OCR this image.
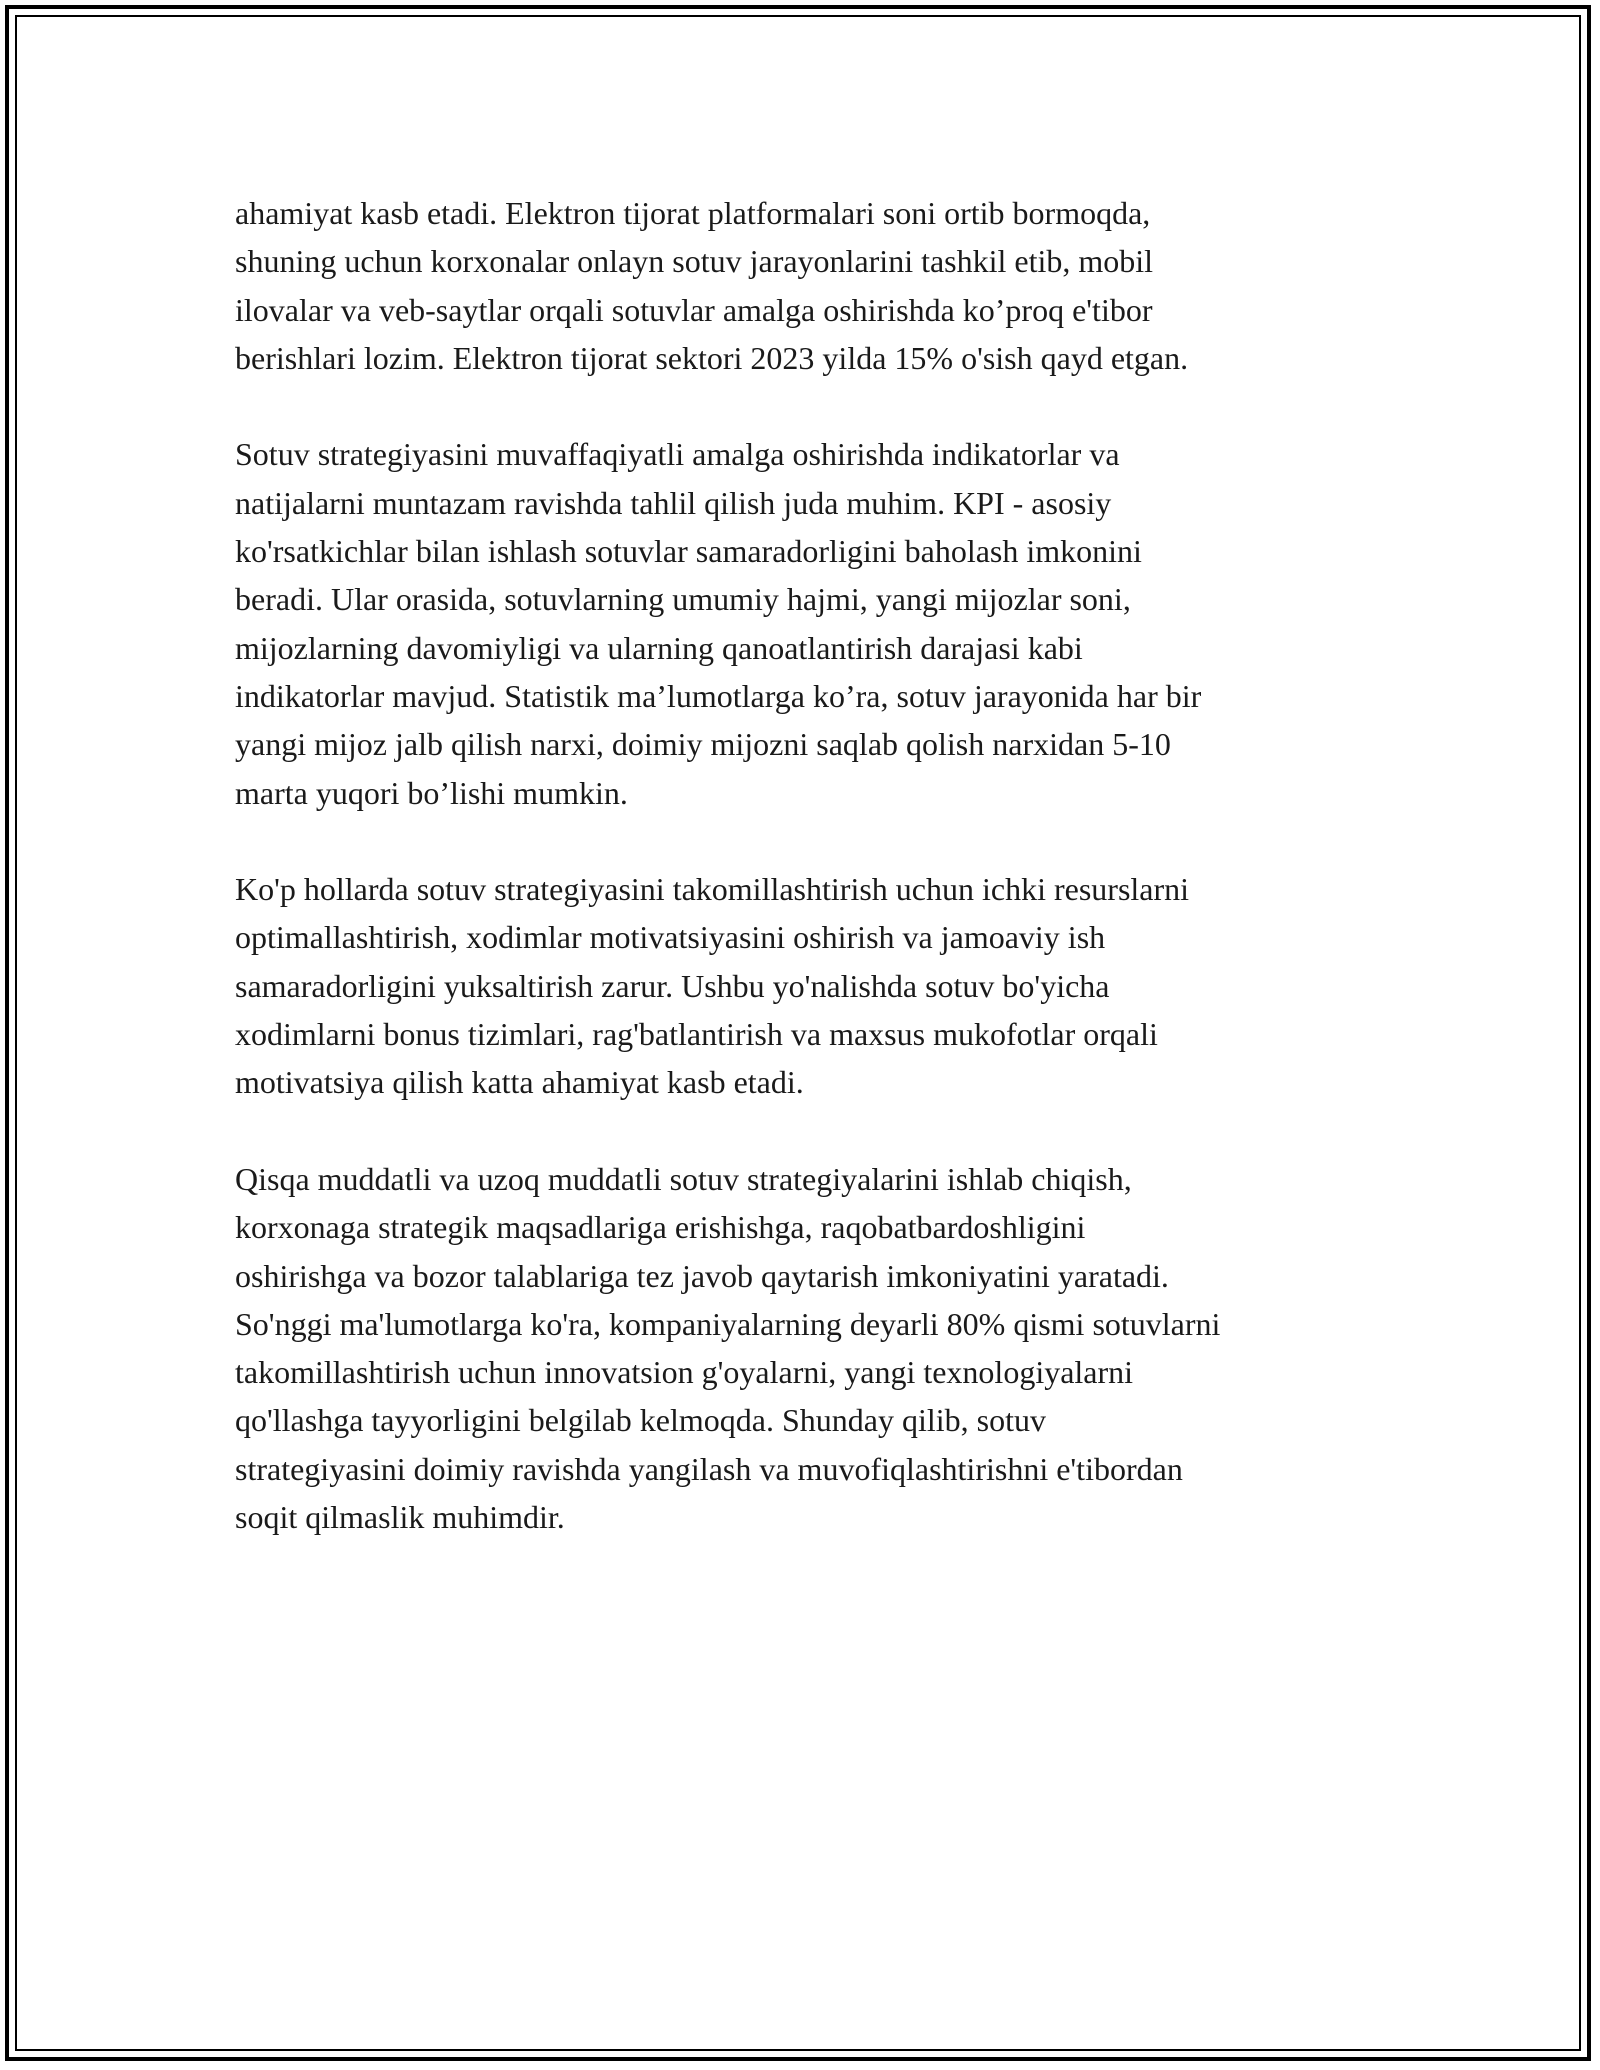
ahamiyat kasb etadi. Elektron tijorat platformalari soni ortib bormoqda,
shuning uchun korxonalar onlayn sotuv jarayonlarini tashkil etib, mobil
ilovalar va veb-saytlar orqali sotuvlar amalga oshirishda ko’proq e'tibor
berishlari lozim. Elektron tijorat sektori 2023 yilda 15% o'sish qayd etgan.

Sotuv strategiyasini muvaffaqiyatli amalga oshirishda indikatorlar va
natijalarni muntazam ravishda tahlil qilish juda muhim. KPI - asosiy
ko'rsatkichlar bilan ishlash sotuvlar samaradorligini baholash imkonini
beradi. Ular orasida, sotuvlarning umumiy hajmi, yangi mijozlar soni,
mijozlarning davomiyligi va ularning qanoatlantirish darajasi kabi
indikatorlar mavjud. Statistik ma’lumotlarga ko’ra, sotuv jarayonida har bir
yangi mijoz jalb qilish narxi, doimiy mijozni saqlab qolish narxidan 5-10
marta yuqori bo’lishi mumkin.

Ko'p hollarda sotuv strategiyasini takomillashtirish uchun ichki resurslarni
optimallashtirish, xodimlar motivatsiyasini oshirish va jamoaviy ish
samaradorligini yuksaltirish zarur. Ushbu yo'nalishda sotuv bo'yicha
xodimlarni bonus tizimlari, rag'batlantirish va maxsus mukofotlar orqali
motivatsiya qilish katta ahamiyat kasb etadi.

Qisqa muddatli va uzoq muddatli sotuv strategiyalarini ishlab chiqish,
korxonaga strategik maqsadlariga erishishga, raqobatbardoshligini
oshirishga va bozor talablariga tez javob qaytarish imkoniyatini yaratadi.
So'nggi ma'lumotlarga ko'ra, kompaniyalarning deyarli 80% qismi sotuvlarni
takomillashtirish uchun innovatsion g'oyalarni, yangi texnologiyalarni
qo'llashga tayyorligini belgilab kelmoqda. Shunday qilib, sotuv
strategiyasini doimiy ravishda yangilash va muvofiqlashtirishni e'tibordan
soqit qilmaslik muhimdir.
